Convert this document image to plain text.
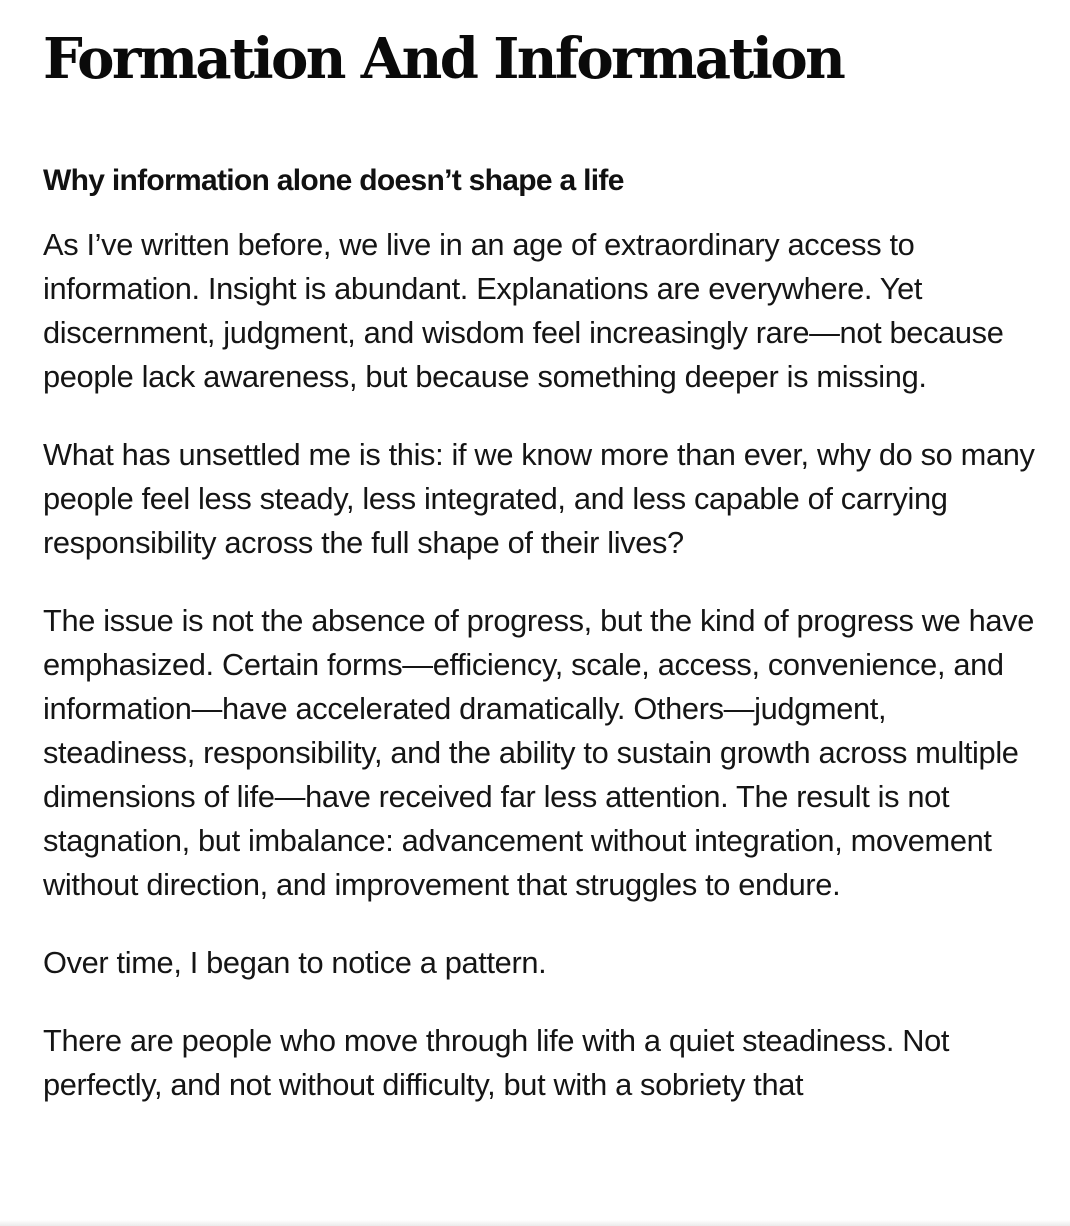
Formation And Information
Why information alone doesn’t shape a life

As I’ve written before, we live in an age of extraordinary access to information. Insight is abundant. Explanations are everywhere. Yet discernment, judgment, and wisdom feel increasingly rare—not because people lack awareness, but because something deeper is missing.

What has unsettled me is this: if we know more than ever, why do so many people feel less steady, less integrated, and less capable of carrying responsibility across the full shape of their lives?

The issue is not the absence of progress, but the kind of progress we have emphasized. Certain forms—efficiency, scale, access, convenience, and information—have accelerated dramatically. Others—judgment, steadiness, responsibility, and the ability to sustain growth across multiple dimensions of life—have received far less attention. The result is not stagnation, but imbalance: advancement without integration, movement without direction, and improvement that struggles to endure.

Over time, I began to notice a pattern.

There are people who move through life with a quiet steadiness. Not perfectly, and not without difficulty, but with a sobriety that
